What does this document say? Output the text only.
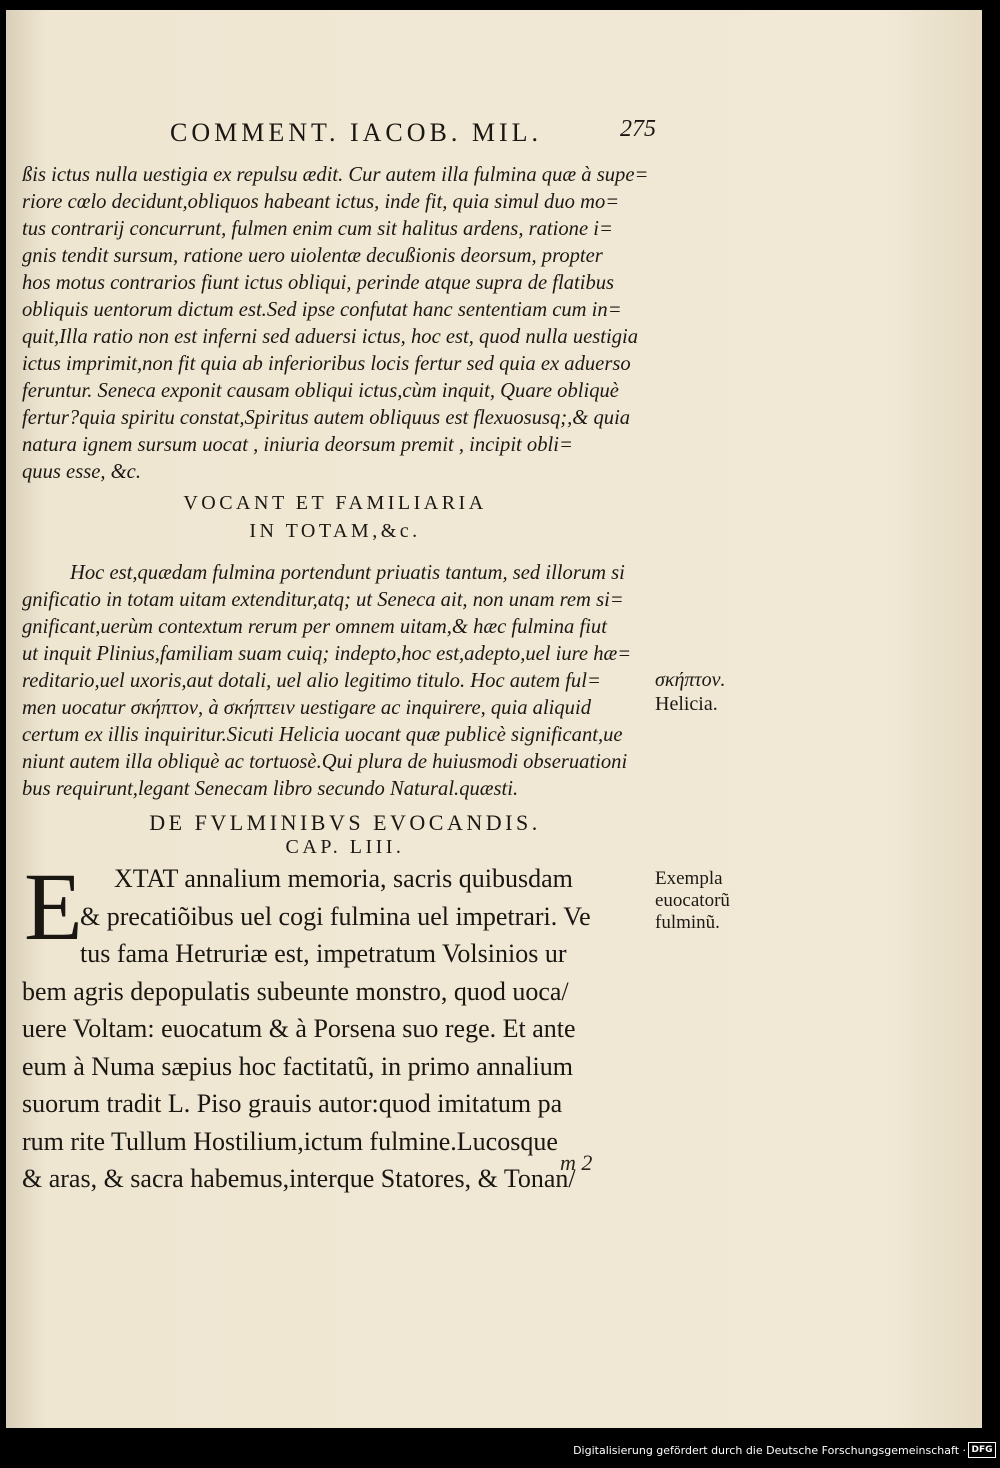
COMMENT. IACOB. MIL.	275

ßis ictus nulla uestigia ex repulsu ædit. Cur autem illa fulmina quæ à supe=

riore cœlo decidunt,obliquos habeant ictus, inde fit, quia simul duo mo=

tus contrarij concurrunt, fulmen enim cum sit halitus ardens, ratione i=

gnis tendit sursum, ratione uero uiolentæ decußionis deorsum, propter

hos motus contrarios fiunt ictus obliqui, perinde atque supra de flatibus

obliquis uentorum dictum est.Sed ipse confutat hanc sententiam cum in=

quit,Illa ratio non est inferni sed aduersi ictus, hoc est, quod nulla uestigia

ictus imprimit,non fit quia ab inferioribus locis fertur sed quia ex aduerso

feruntur. Seneca exponit causam obliqui ictus,cùm inquit, Quare obliquè

fertur?quia spiritu constat,Spiritus autem obliquus est flexuosusq;,& quia

natura ignem sursum uocat , iniuria deorsum premit , incipit obli=

quus esse, &c.

VOCANT ET FAMILIARIA
IN TOTAM,&c.

Hoc est,quædam fulmina portendunt priuatis tantum, sed illorum si

gnificatio in totam uitam extenditur,atq; ut Seneca ait, non unam rem si=

gnificant,uerùm contextum rerum per omnem uitam,& hæc fulmina fiut

ut inquit Plinius,familiam suam cuiq; indepto,hoc est,adepto,uel iure hæ=

reditario,uel uxoris,aut dotali, uel alio legitimo titulo. Hoc autem ful=

men uocatur σκήπτον, à σκήπτειν uestigare ac inquirere, quia aliquid

certum ex illis inquiritur.Sicuti Helicia uocant quæ publicè significant,ue

niunt autem illa obliquè ac tortuosè.Qui plura de huiusmodi obseruationi

bus requirunt,legant Senecam libro secundo Natural.quæsti.

σκήπτον.

Helicia.

DE FVLMINIBVS EVOCANDIS.
CAP. LIII.
E	XTAT annalium memoria, sacris quibusdam

& precatiõibus uel cogi fulmina uel impetrari. Ve

tus fama Hetruriæ est, impetratum Volsinios ur

bem agris depopulatis subeunte monstro, quod uoca/

uere Voltam: euocatum & à Porsena suo rege. Et ante

eum à Numa sæpius hoc factitatũ, in primo annalium

suorum tradit L. Piso grauis autor:quod imitatum pa

rum rite Tullum Hostilium,ictum fulmine.Lucosque

& aras, & sacra habemus,interque Statores, & Tonan/

Exempla

euocatorũ

fulminũ.

m 2
Digitalisierung gefördert durch die Deutsche Forschungsgemeinschaft · DFG
